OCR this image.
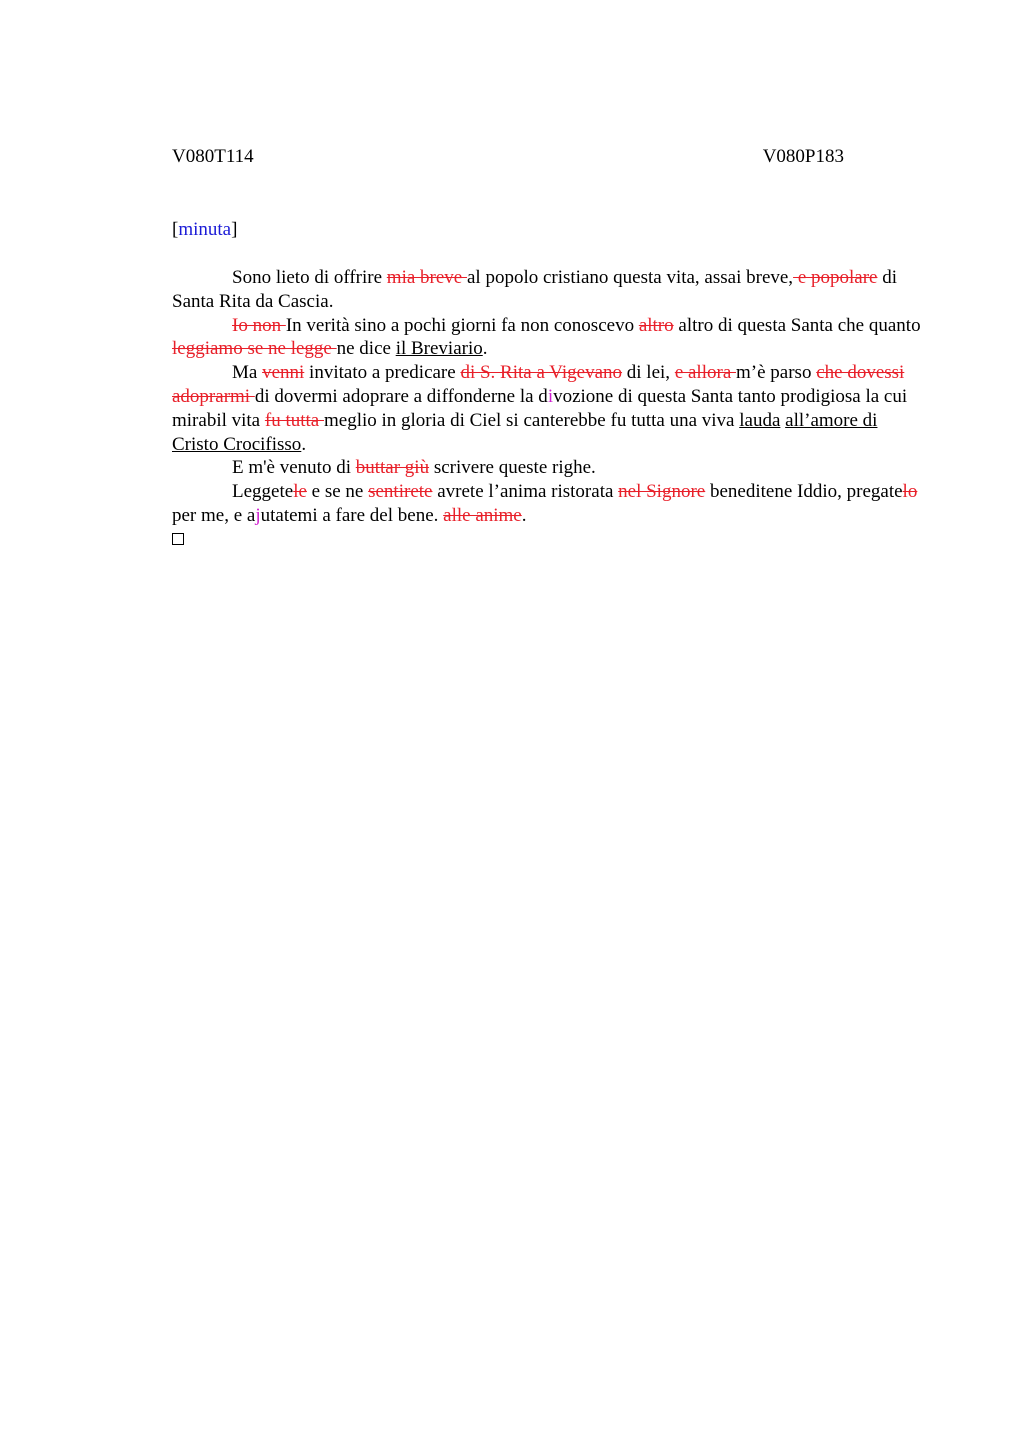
V080T114	V080P183
[minuta]

Sono lieto di offrire mia breve al popolo cristiano questa vita, assai breve, e popolare di Santa Rita da Cascia.

Io non In verità sino a pochi giorni fa non conoscevo altro altro di questa Santa che quanto leggiamo se ne legge ne dice il Breviario.

Ma venni invitato a predicare di S. Rita a Vigevano di lei, e allora m’è parso che dovessi adoprarmi di dovermi adoprare a diffonderne la divozione di questa Santa tanto prodigiosa la cui mirabil vita fu tutta meglio in gloria di Ciel si canterebbe fu tutta una viva lauda all’amore di Cristo Crocifisso.

E m'è venuto di buttar giù scrivere queste righe.

Leggetele e se ne sentirete avrete l’anima ristorata nel Signore beneditene Iddio, pregatelo per me, e ajutatemi a fare del bene. alle anime.
